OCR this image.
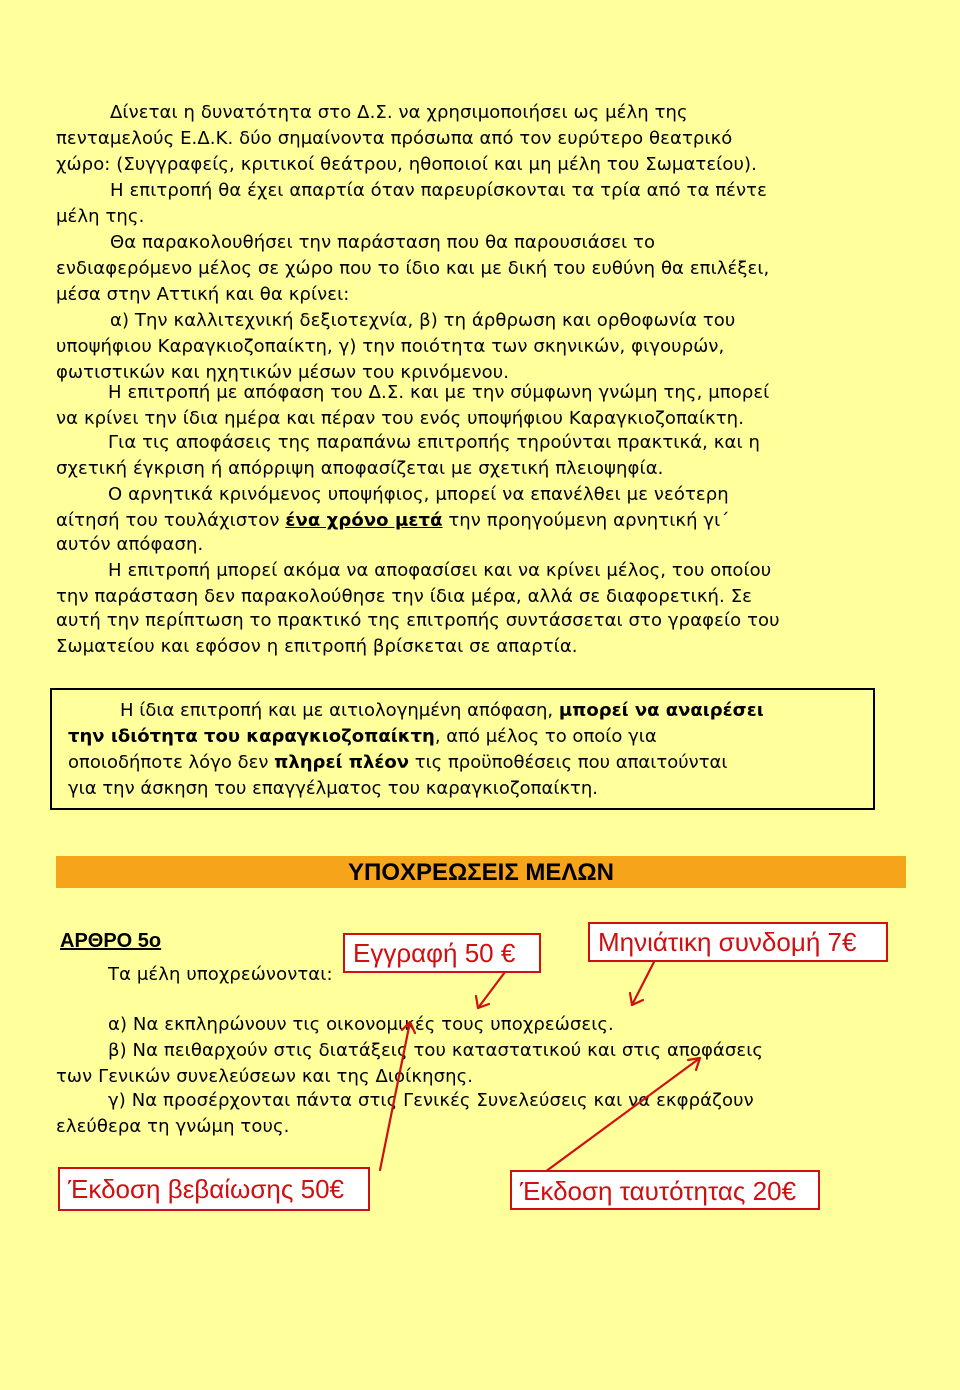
Δίνεται η δυνατότητα στο Δ.Σ. να χρησιμοποιήσει ως μέλη της
πενταμελούς Ε.Δ.Κ. δύο σημαίνοντα πρόσωπα από τον ευρύτερο θεατρικό
χώρο: (Συγγραφείς, κριτικοί θεάτρου, ηθοποιοί και μη μέλη του Σωματείου).
Η επιτροπή θα έχει απαρτία όταν παρευρίσκονται τα τρία από τα πέντε
μέλη της.
Θα παρακολουθήσει την παράσταση που θα παρουσιάσει το
ενδιαφερόμενο μέλος σε χώρο που το ίδιο και με δική του ευθύνη θα επιλέξει,
μέσα στην Αττική και θα κρίνει:
α) Την καλλιτεχνική δεξιοτεχνία, β) τη άρθρωση και ορθοφωνία του
υποψήφιου Καραγκιοζοπαίκτη, γ) την ποιότητα των σκηνικών, φιγουρών,
φωτιστικών και ηχητικών μέσων του κρινόμενου.
Η επιτροπή με απόφαση του Δ.Σ. και με την σύμφωνη γνώμη της, μπορεί
να κρίνει την ίδια ημέρα και πέραν του ενός υποψήφιου Καραγκιοζοπαίκτη.
Για τις αποφάσεις της παραπάνω επιτροπής τηρούνται πρακτικά, και η
σχετική έγκριση ή απόρριψη αποφασίζεται με σχετική πλειοψηφία.
Ο αρνητικά κρινόμενος υποψήφιος, μπορεί να επανέλθει με νεότερη
αίτησή του τουλάχιστον ένα χρόνο μετά την προηγούμενη αρνητική γι΄
αυτόν απόφαση.
Η επιτροπή μπορεί ακόμα να αποφασίσει και να κρίνει μέλος, του οποίου
την παράσταση δεν παρακολούθησε την ίδια μέρα, αλλά σε διαφορετική. Σε
αυτή την περίπτωση το πρακτικό της επιτροπής συντάσσεται στο γραφείο του
Σωματείου και εφόσον η επιτροπή βρίσκεται σε απαρτία.
Η ίδια επιτροπή και με αιτιολογημένη απόφαση, μπορεί να αναιρέσει
την ιδιότητα του καραγκιοζοπαίκτη, από μέλος το οποίο για
οποιοδήποτε λόγο δεν πληρεί πλέον τις προϋποθέσεις που απαιτούνται
για την άσκηση του επαγγέλματος του καραγκιοζοπαίκτη.
ΥΠΟΧΡΕΩΣΕΙΣ ΜΕΛΩΝ
ΑΡΘΡΟ 5ο
Τα μέλη υποχρεώνονται:
α) Να εκπληρώνουν τις οικονομικές τους υποχρεώσεις.
β) Να πειθαρχούν στις διατάξεις του καταστατικού και στις αποφάσεις
των Γενικών συνελεύσεων και της Διοίκησης.
γ) Να προσέρχονται πάντα στις Γενικές Συνελεύσεις και να εκφράζουν
ελεύθερα τη γνώμη τους.
Εγγραφή 50 €	Μηνιάτικη συνδομή 7€
Έκδοση βεβαίωσης 50€	Έκδοση ταυτότητας 20€
